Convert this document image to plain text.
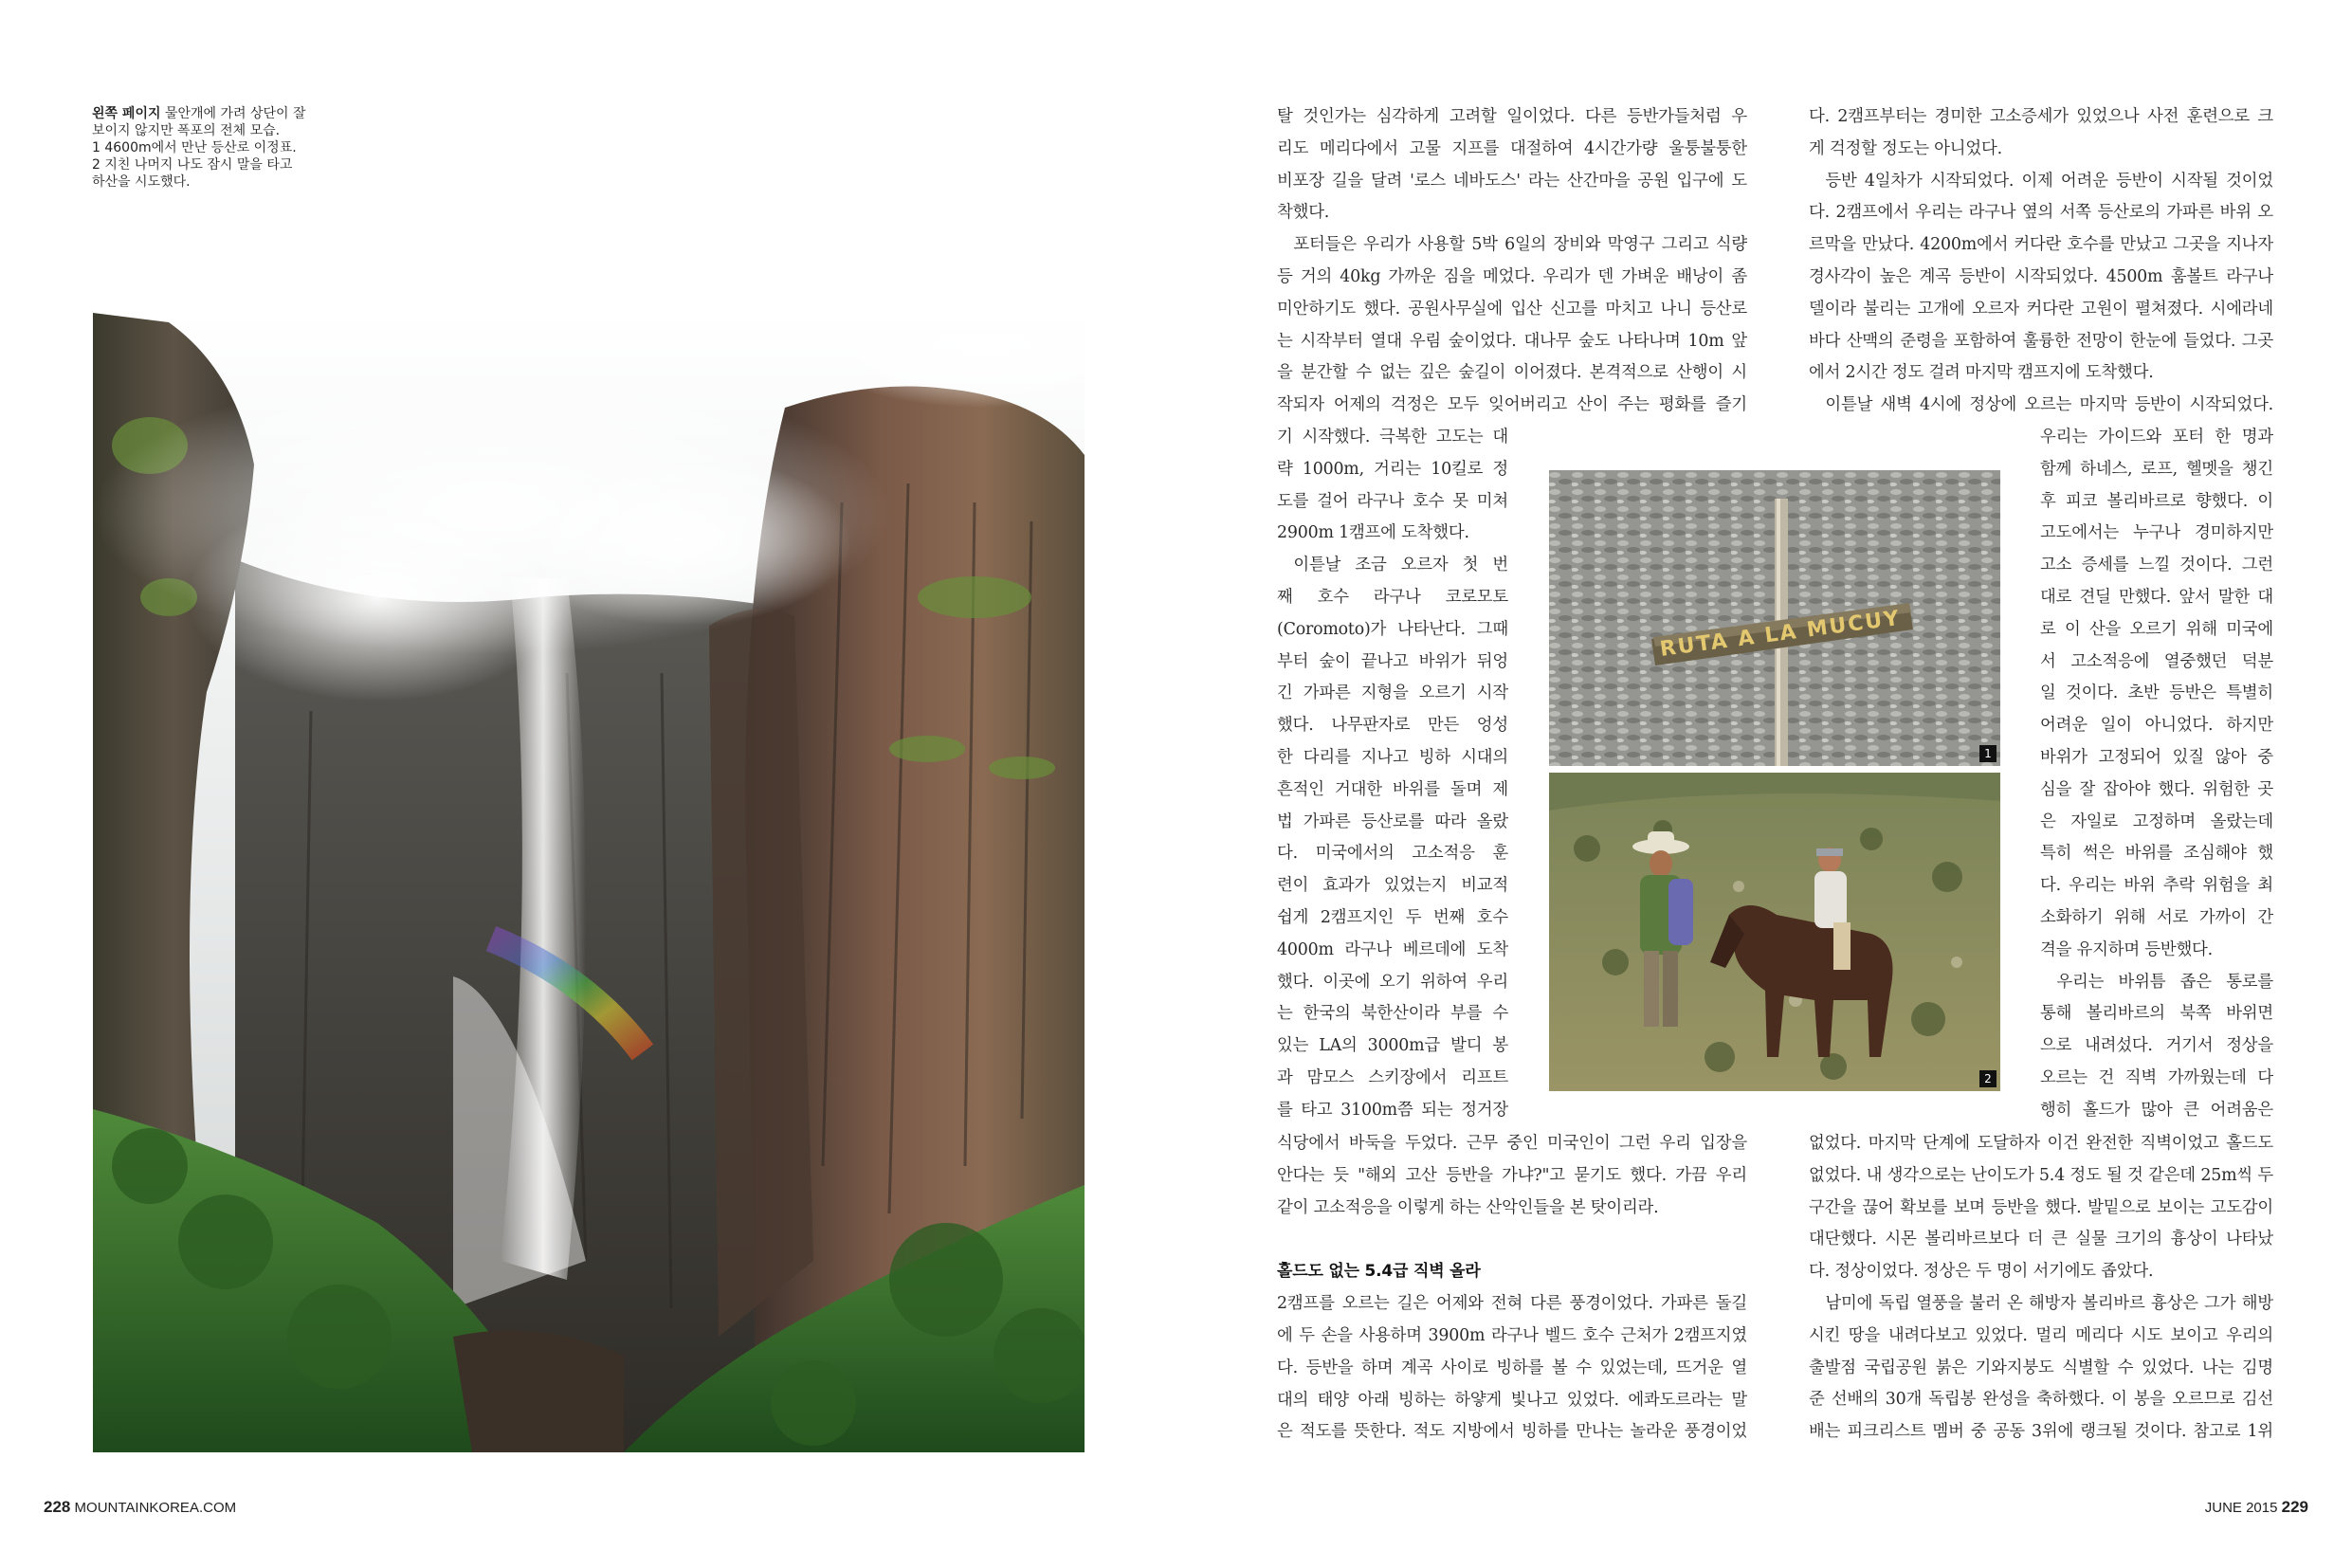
왼쪽 페이지 물안개에 가려 상단이 잘

보이지 않지만 폭포의 전체 모습.

1 4600m에서 만난 등산로 이정표.

2 지친 나머지 나도 잠시 말을 타고

하산을 시도했다.

탈 것인가는 심각하게 고려할 일이었다. 다른 등반가들처럼 우
리도 메리다에서 고물 지프를 대절하여 4시간가량 울퉁불퉁한
비포장 길을 달려 '로스 네바도스' 라는 산간마을 공원 입구에 도
착했다.
포터들은 우리가 사용할 5박 6일의 장비와 막영구 그리고 식량
등 거의 40kg 가까운 짐을 메었다. 우리가 덴 가벼운 배낭이 좀
미안하기도 했다. 공원사무실에 입산 신고를 마치고 나니 등산로
는 시작부터 열대 우림 숲이었다. 대나무 숲도 나타나며 10m 앞
을 분간할 수 없는 깊은 숲길이 이어졌다. 본격적으로 산행이 시
작되자 어제의 걱정은 모두 잊어버리고 산이 주는 평화를 즐기
기 시작했다. 극복한 고도는 대
략 1000m, 거리는 10킬로 정
도를 걸어 라구나 호수 못 미쳐
2900m 1캠프에 도착했다.
이튿날 조금 오르자 첫 번
째 호수 라구나 코로모토
(Coromoto)가 나타난다. 그때
부터 숲이 끝나고 바위가 뒤엉
긴 가파른 지형을 오르기 시작
했다. 나무판자로 만든 엉성
한 다리를 지나고 빙하 시대의
흔적인 거대한 바위를 돌며 제
법 가파른 등산로를 따라 올랐
다. 미국에서의 고소적응 훈
련이 효과가 있었는지 비교적
쉽게 2캠프지인 두 번째 호수
4000m 라구나 베르데에 도착
했다. 이곳에 오기 위하여 우리
는 한국의 북한산이라 부를 수
있는 LA의 3000m급 발디 봉
과 맘모스 스키장에서 리프트
를 타고 3100m쯤 되는 정거장
식당에서 바둑을 두었다. 근무 중인 미국인이 그런 우리 입장을
안다는 듯 "해외 고산 등반을 가냐?"고 묻기도 했다. 가끔 우리
같이 고소적응을 이렇게 하는 산악인들을 본 탓이리라.
홀드도 없는 5.4급 직벽 올라
2캠프를 오르는 길은 어제와 전혀 다른 풍경이었다. 가파른 돌길
에 두 손을 사용하며 3900m 라구나 벨드 호수 근처가 2캠프지였
다. 등반을 하며 계곡 사이로 빙하를 볼 수 있었는데, 뜨거운 열
대의 태양 아래 빙하는 하얗게 빛나고 있었다. 에콰도르라는 말
은 적도를 뜻한다. 적도 지방에서 빙하를 만나는 놀라운 풍경이었
RUTA A LA MUCUY
1
2
다. 2캠프부터는 경미한 고소증세가 있었으나 사전 훈련으로 크
게 걱정할 정도는 아니었다.
등반 4일차가 시작되었다. 이제 어려운 등반이 시작될 것이었
다. 2캠프에서 우리는 라구나 옆의 서쪽 등산로의 가파른 바위 오
르막을 만났다. 4200m에서 커다란 호수를 만났고 그곳을 지나자
경사각이 높은 계곡 등반이 시작되었다. 4500m 훔볼트 라구나
델이라 불리는 고개에 오르자 커다란 고원이 펼쳐졌다. 시에라네
바다 산맥의 준령을 포함하여 훌륭한 전망이 한눈에 들었다. 그곳
에서 2시간 정도 걸려 마지막 캠프지에 도착했다.
이튿날 새벽 4시에 정상에 오르는 마지막 등반이 시작되었다.
우리는 가이드와 포터 한 명과
함께 하네스, 로프, 헬멧을 챙긴
후 피코 볼리바르로 향했다. 이
고도에서는 누구나 경미하지만
고소 증세를 느낄 것이다. 그런
대로 견딜 만했다. 앞서 말한 대
로 이 산을 오르기 위해 미국에
서 고소적응에 열중했던 덕분
일 것이다. 초반 등반은 특별히
어려운 일이 아니었다. 하지만
바위가 고정되어 있질 않아 중
심을 잘 잡아야 했다. 위험한 곳
은 자일로 고정하며 올랐는데
특히 썩은 바위를 조심해야 했
다. 우리는 바위 추락 위험을 최
소화하기 위해 서로 가까이 간
격을 유지하며 등반했다.
우리는 바위틈 좁은 통로를
통해 볼리바르의 북쪽 바위면
으로 내려섰다. 거기서 정상을
오르는 건 직벽 가까웠는데 다
행히 홀드가 많아 큰 어려움은
없었다. 마지막 단계에 도달하자 이건 완전한 직벽이었고 홀드도
없었다. 내 생각으로는 난이도가 5.4 정도 될 것 같은데 25m씩 두
구간을 끊어 확보를 보며 등반을 했다. 발밑으로 보이는 고도감이
대단했다. 시몬 볼리바르보다 더 큰 실물 크기의 흉상이 나타났
다. 정상이었다. 정상은 두 명이 서기에도 좁았다.
남미에 독립 열풍을 불러 온 해방자 볼리바르 흉상은 그가 해방
시킨 땅을 내려다보고 있었다. 멀리 메리다 시도 보이고 우리의
출발점 국립공원 붉은 기와지붕도 식별할 수 있었다. 나는 김명
준 선배의 30개 독립봉 완성을 축하했다. 이 봉을 오르므로 김선
배는 피크리스트 멤버 중 공동 3위에 랭크될 것이다. 참고로 1위
228 MOUNTAINKOREA.COM	JUNE 2015 229
